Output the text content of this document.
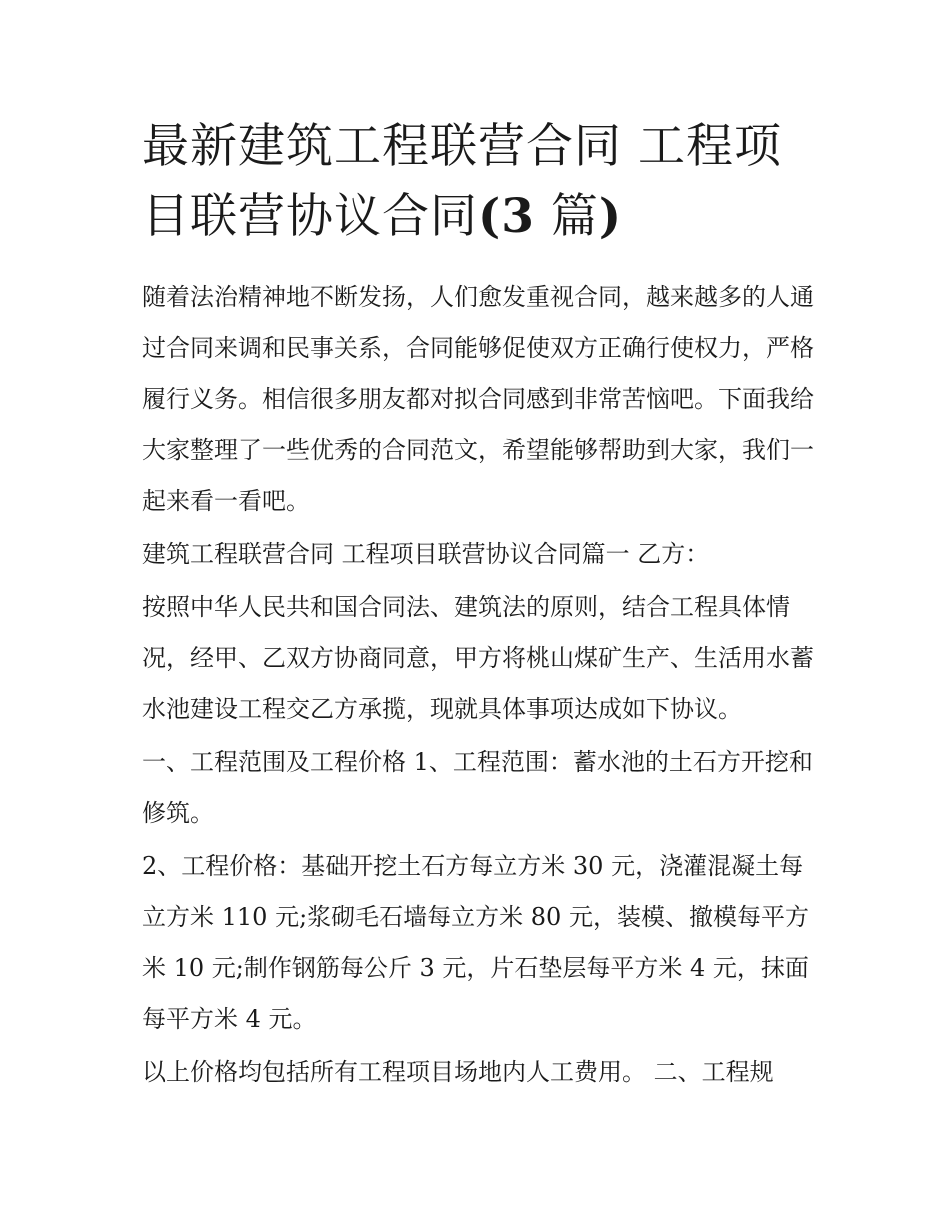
最新建筑工程联营合同 工程项目联营协议合同(3 篇)

随着法治精神地不断发扬，人们愈发重视合同，越来越多的人通过合同来调和民事关系，合同能够促使双方正确行使权力，严格履行义务。相信很多朋友都对拟合同感到非常苦恼吧。下面我给大家整理了一些优秀的合同范文，希望能够帮助到大家，我们一起来看一看吧。

建筑工程联营合同 工程项目联营协议合同篇一 乙方：

按照中华人民共和国合同法、建筑法的原则，结合工程具体情况，经甲、乙双方协商同意，甲方将桃山煤矿生产、生活用水蓄水池建设工程交乙方承揽，现就具体事项达成如下协议。

一、工程范围及工程价格 1、工程范围：蓄水池的土石方开挖和修筑。

2、工程价格：基础开挖土石方每立方米 30 元，浇灌混凝土每立方米 110 元;浆砌毛石墙每立方米 80 元，装模、撤模每平方米 10 元;制作钢筋每公斤 3 元，片石垫层每平方米 4 元，抹面每平方米 4 元。

以上价格均包括所有工程项目场地内人工费用。 二、工程规
